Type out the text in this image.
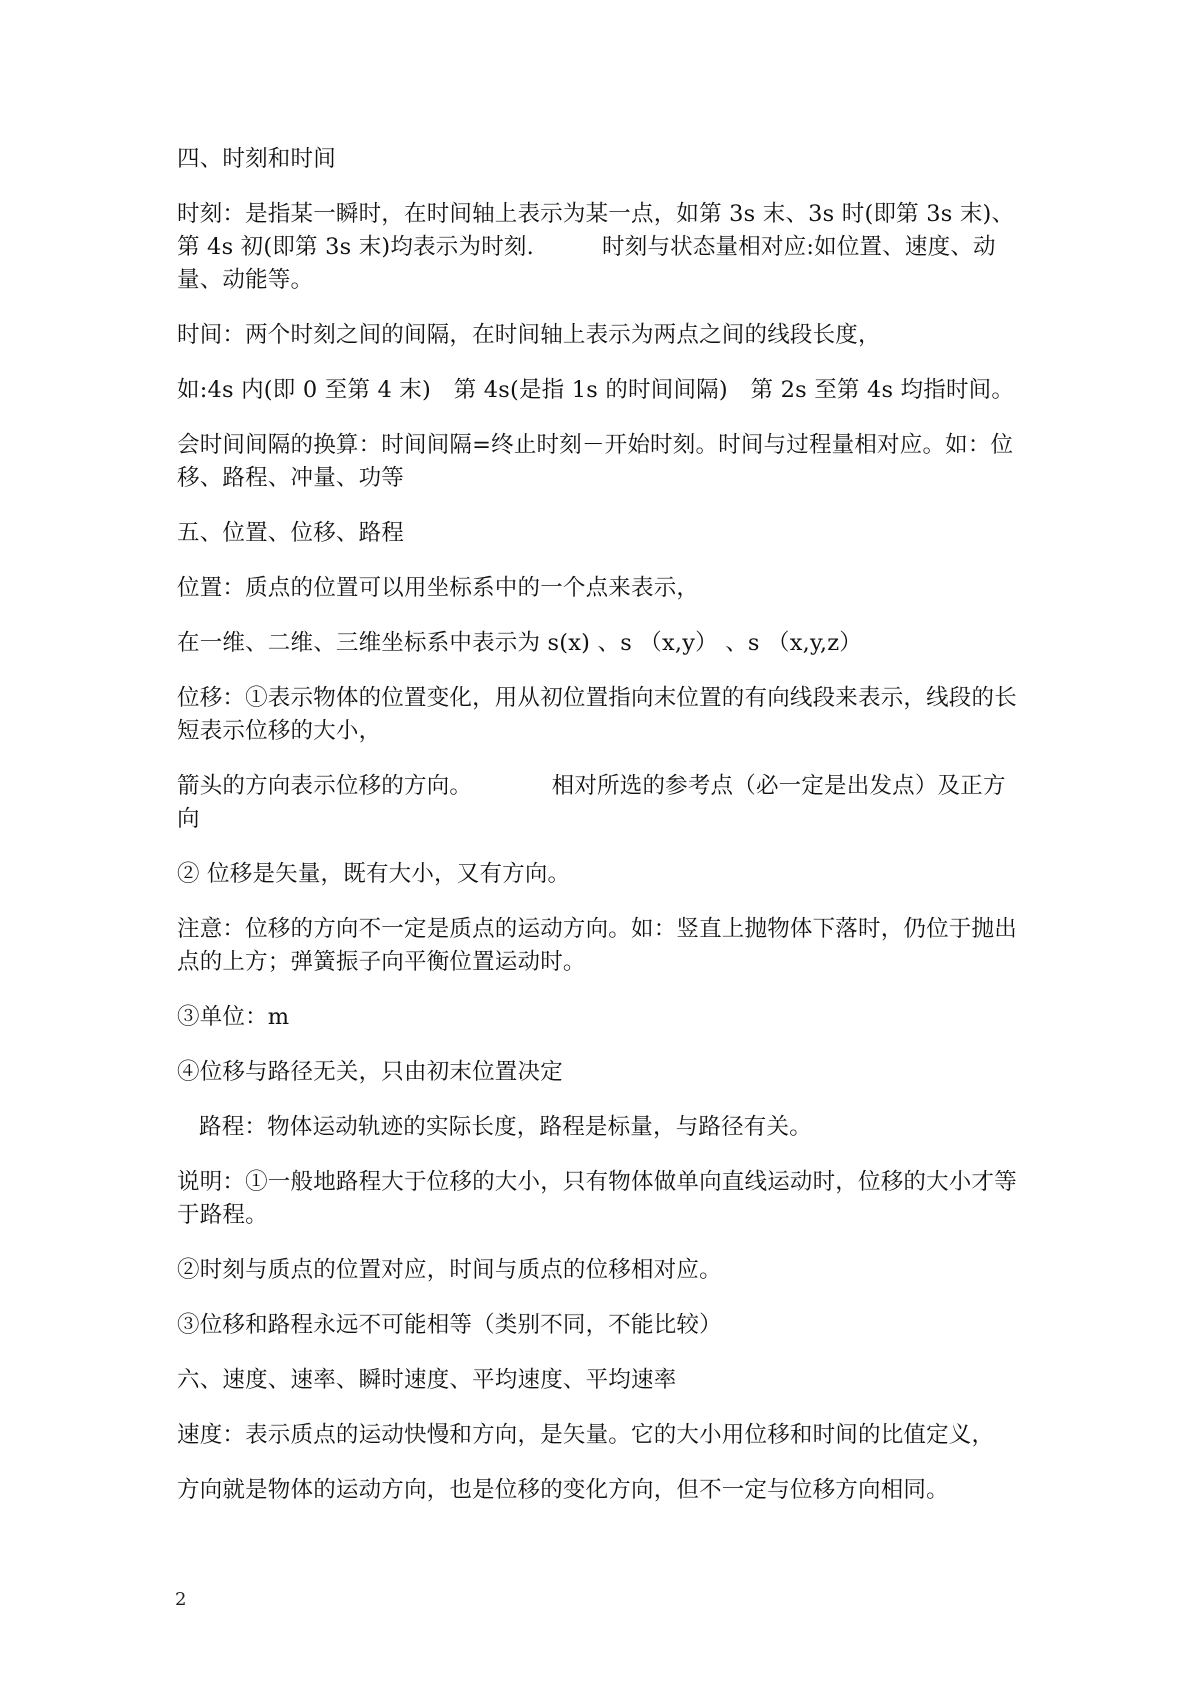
四、时刻和时间

时刻：是指某一瞬时，在时间轴上表示为某一点，如第 3s 末、3s 时(即第 3s 末)、第 4s 初(即第 3s 末)均表示为时刻.　　　时刻与状态量相对应:如位置、速度、动量、动能等。

时间：两个时刻之间的间隔，在时间轴上表示为两点之间的线段长度，

如:4s 内(即 0 至第 4 末)　第 4s(是指 1s 的时间间隔)　第 2s 至第 4s 均指时间。

会时间间隔的换算：时间间隔=终止时刻－开始时刻。时间与过程量相对应。如：位移、路程、冲量、功等

五、位置、位移、路程

位置：质点的位置可以用坐标系中的一个点来表示，

在一维、二维、三维坐标系中表示为 s(x) 、s （x,y） 、s （x,y,z）

位移：①表示物体的位置变化，用从初位置指向末位置的有向线段来表示，线段的长短表示位移的大小，

箭头的方向表示位移的方向。　　　　相对所选的参考点（必一定是出发点）及正方向

② 位移是矢量，既有大小，又有方向。

注意：位移的方向不一定是质点的运动方向。如：竖直上抛物体下落时，仍位于抛出点的上方；弹簧振子向平衡位置运动时。

③单位：m

④位移与路径无关，只由初末位置决定

路程：物体运动轨迹的实际长度，路程是标量，与路径有关。

说明：①一般地路程大于位移的大小，只有物体做单向直线运动时，位移的大小才等于路程。

②时刻与质点的位置对应，时间与质点的位移相对应。

③位移和路程永远不可能相等（类别不同，不能比较）

六、速度、速率、瞬时速度、平均速度、平均速率

速度：表示质点的运动快慢和方向，是矢量。它的大小用位移和时间的比值定义，

方向就是物体的运动方向，也是位移的变化方向，但不一定与位移方向相同。

2
